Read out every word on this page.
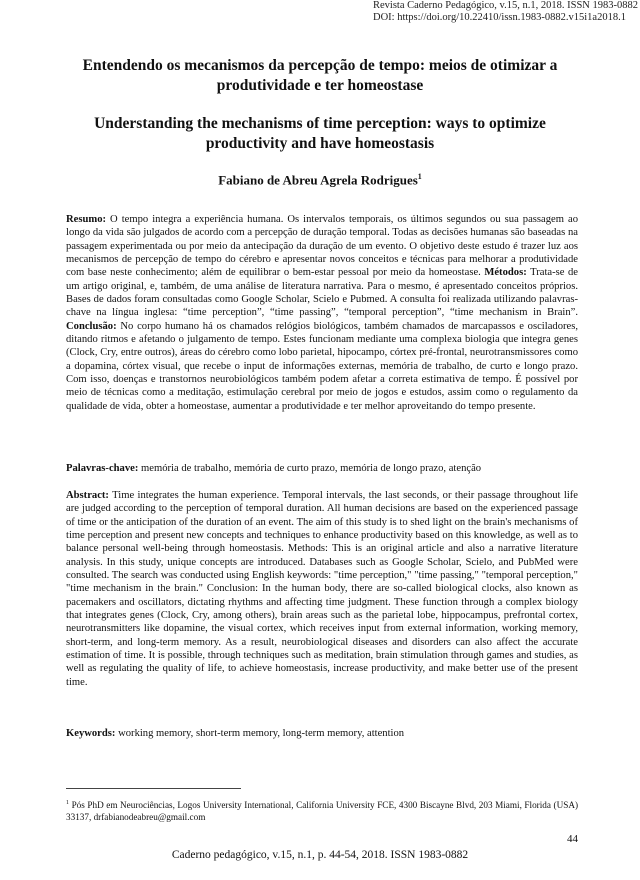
Revista Caderno Pedagógico, v.15, n.1, 2018. ISSN 1983-0882
DOI: https://doi.org/10.22410/issn.1983-0882.v15i1a2018.1
Entendendo os mecanismos da percepção de tempo: meios de otimizar a produtividade e ter homeostase
Understanding the mechanisms of time perception: ways to optimize productivity and have homeostasis
Fabiano de Abreu Agrela Rodrigues$^1$
Resumo: O tempo integra a experiência humana. Os intervalos temporais, os últimos segundos ou sua passagem ao longo da vida são julgados de acordo com a percepção de duração temporal. Todas as decisões humanas são baseadas na passagem experimentada ou por meio da antecipação da duração de um evento. O objetivo deste estudo é trazer luz aos mecanismos de percepção de tempo do cérebro e apresentar novos conceitos e técnicas para melhorar a produtividade com base neste conhecimento; além de equilibrar o bem-estar pessoal por meio da homeostase. Métodos: Trata-se de um artigo original, e, também, de uma análise de literatura narrativa. Para o mesmo, é apresentado conceitos próprios. Bases de dados foram consultadas como Google Scholar, Scielo e Pubmed. A consulta foi realizada utilizando palavras-chave na língua inglesa: “time perception”, “time passing”, “temporal perception”, “time mechanism in Brain”. Conclusão: No corpo humano há os chamados relógios biológicos, também chamados de marcapassos e osciladores, ditando ritmos e afetando o julgamento de tempo. Estes funcionam mediante uma complexa biologia que integra genes (Clock, Cry, entre outros), áreas do cérebro como lobo parietal, hipocampo, córtex pré-frontal, neurotransmissores como a dopamina, córtex visual, que recebe o input de informações externas, memória de trabalho, de curto e longo prazo. Com isso, doenças e transtornos neurobiológicos também podem afetar a correta estimativa de tempo. É possível por meio de técnicas como a meditação, estimulação cerebral por meio de jogos e estudos, assim como o regulamento da qualidade de vida, obter a homeostase, aumentar a produtividade e ter melhor aproveitando do tempo presente.
Palavras-chave: memória de trabalho, memória de curto prazo, memória de longo prazo, atenção
Abstract: Time integrates the human experience. Temporal intervals, the last seconds, or their passage throughout life are judged according to the perception of temporal duration. All human decisions are based on the experienced passage of time or the anticipation of the duration of an event. The aim of this study is to shed light on the brain's mechanisms of time perception and present new concepts and techniques to enhance productivity based on this knowledge, as well as to balance personal well-being through homeostasis. Methods: This is an original article and also a narrative literature analysis. In this study, unique concepts are introduced. Databases such as Google Scholar, Scielo, and PubMed were consulted. The search was conducted using English keywords: "time perception," "time passing," "temporal perception," "time mechanism in the brain." Conclusion: In the human body, there are so-called biological clocks, also known as pacemakers and oscillators, dictating rhythms and affecting time judgment. These function through a complex biology that integrates genes (Clock, Cry, among others), brain areas such as the parietal lobe, hippocampus, prefrontal cortex, neurotransmitters like dopamine, the visual cortex, which receives input from external information, working memory, short-term, and long-term memory. As a result, neurobiological diseases and disorders can also affect the accurate estimation of time. It is possible, through techniques such as meditation, brain stimulation through games and studies, as well as regulating the quality of life, to achieve homeostasis, increase productivity, and make better use of the present time.
Keywords: working memory, short-term memory, long-term memory, attention
$^1$ Pós PhD em Neurociências, Logos University International, California University FCE, 4300 Biscayne Blvd, 203 Miami, Florida (USA) 33137, drfabianodeabreu@gmail.com
44
Caderno pedagógico, v.15, n.1, p. 44-54, 2018. ISSN 1983-0882
